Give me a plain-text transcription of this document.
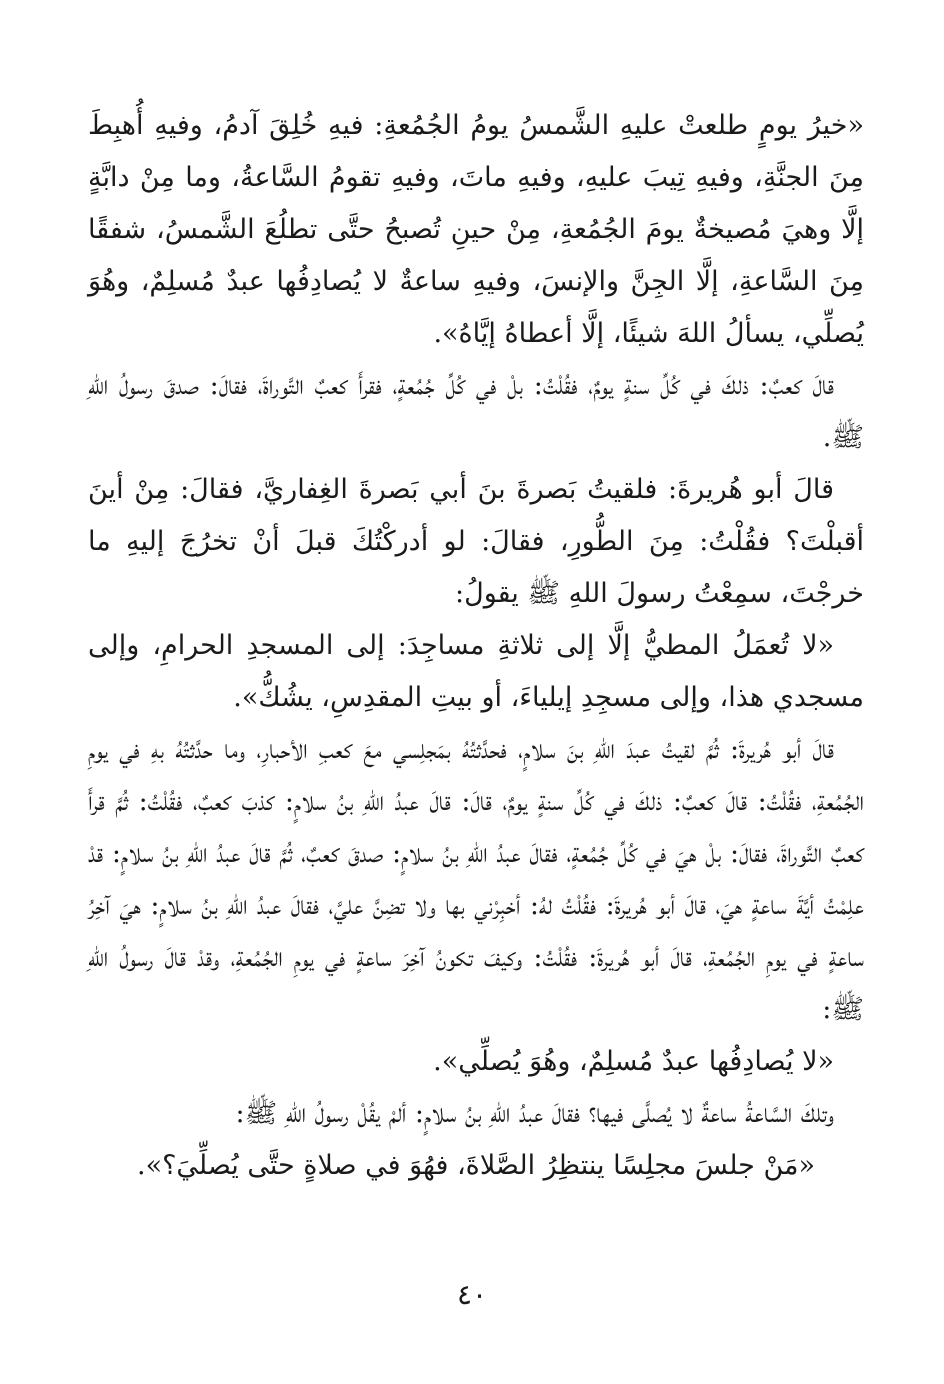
«خيرُ يومٍ طلعتْ عليهِ الشَّمسُ يومُ الجُمُعةِ: فيهِ خُلِقَ آدمُ، وفيهِ أُهبِطَ مِنَ الجنَّةِ، وفيهِ تِيبَ عليهِ، وفيهِ ماتَ، وفيهِ تقومُ السَّاعةُ، وما مِنْ دابَّةٍ إلَّا وهيَ مُصيخةٌ يومَ الجُمُعةِ، مِنْ حينِ تُصبحُ حتَّى تطلُعَ الشَّمسُ، شفقًا مِنَ السَّاعةِ، إلَّا الجِنَّ والإنسَ، وفيهِ ساعةٌ لا يُصادِفُها عبدٌ مُسلِمٌ، وهُوَ يُصلِّي، يسألُ اللهَ شيئًا، إلَّا أعطاهُ إيَّاهُ».

قالَ كعبٌ: ذلكَ في كُلِّ سنةٍ يومٌ، فقُلْتُ: بلْ في كُلِّ جُمُعةٍ، فقرأَ كعبٌ التَّوراةَ، فقالَ: صدقَ رسولُ اللهِ ﷺ.

قالَ أبو هُريرةَ: فلقيتُ بَصرةَ بنَ أبي بَصرةَ الغِفاريَّ، فقالَ: مِنْ أينَ أقبلْتَ؟ فقُلْتُ: مِنَ الطُّورِ، فقالَ: لو أدركْتُكَ قبلَ أنْ تخرُجَ إليهِ ما خرجْتَ، سمِعْتُ رسولَ اللهِ ﷺ يقولُ:

«لا تُعمَلُ المطيُّ إلَّا إلى ثلاثةِ مساجِدَ: إلى المسجدِ الحرامِ، وإلى مسجدي هذا، وإلى مسجِدِ إيلياءَ، أو بيتِ المقدِسِ، يشُكُّ».

قالَ أبو هُريرةَ: ثُمَّ لقيتُ عبدَ اللهِ بنَ سلامٍ، فحدَّثتُهُ بمَجلِسي معَ كعبِ الأحبارِ، وما حدَّثتُهُ بهِ في يومِ الجُمُعةِ، فقُلْتُ: قالَ كعبٌ: ذلكَ في كُلِّ سنةٍ يومٌ، قالَ: قالَ عبدُ اللهِ بنُ سلامٍ: كذبَ كعبٌ، فقُلْتُ: ثُمَّ قرأَ كعبٌ التَّوراةَ، فقالَ: بلْ هيَ في كُلِّ جُمُعةٍ، فقالَ عبدُ اللهِ بنُ سلامٍ: صدقَ كعبٌ، ثُمَّ قالَ عبدُ اللهِ بنُ سلامٍ: قدْ علِمْتُ أيَّةَ ساعةٍ هيَ، قالَ أبو هُريرةَ: فقُلْتُ لهُ: أخبِرْني بها ولا تضِنَّ عليَّ، فقالَ عبدُ اللهِ بنُ سلامٍ: هيَ آخِرُ ساعةٍ في يومِ الجُمُعةِ، قالَ أبو هُريرةَ: فقُلْتُ: وكيفَ تكونُ آخِرَ ساعةٍ في يومِ الجُمُعةِ، وقدْ قالَ رسولُ اللهِ ﷺ:

«لا يُصادِفُها عبدٌ مُسلِمٌ، وهُوَ يُصلِّي».

وتلكَ السَّاعةُ ساعةٌ لا يُصلَّى فيها؟ فقالَ عبدُ اللهِ بنُ سلامٍ: ألمْ يقُلْ رسولُ اللهِ ﷺ:

«مَنْ جلسَ مجلِسًا ينتظِرُ الصَّلاةَ، فهُوَ في صلاةٍ حتَّى يُصلِّيَ؟».

٤٠
